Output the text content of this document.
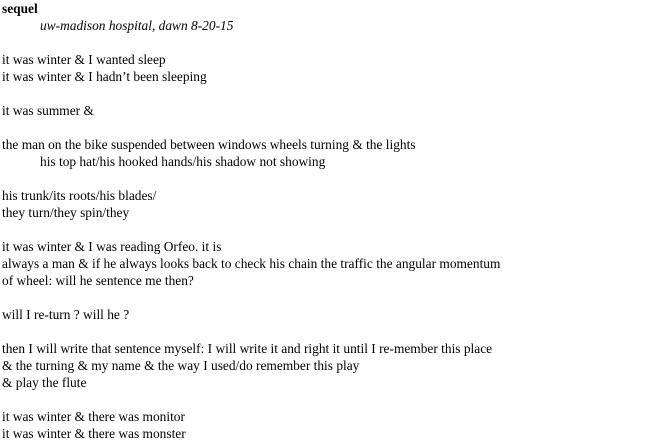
sequel
uw-madison hospital, dawn 8-20-15
it was winter & I wanted sleep
it was winter & I hadn’t been sleeping
it was summer &
the man on the bike suspended between windows wheels turning & the lights
his top hat/his hooked hands/his shadow not showing
his trunk/its roots/his blades/
they turn/they spin/they
it was winter & I was reading Orfeo. it is
always a man & if he always looks back to check his chain the traffic the angular momentum
of wheel: will he sentence me then?
will I re-turn ? will he ?
then I will write that sentence myself: I will write it and right it until I re-member this place
& the turning & my name & the way I used/do remember this play
& play the flute
it was winter & there was monitor
it was winter & there was monster
